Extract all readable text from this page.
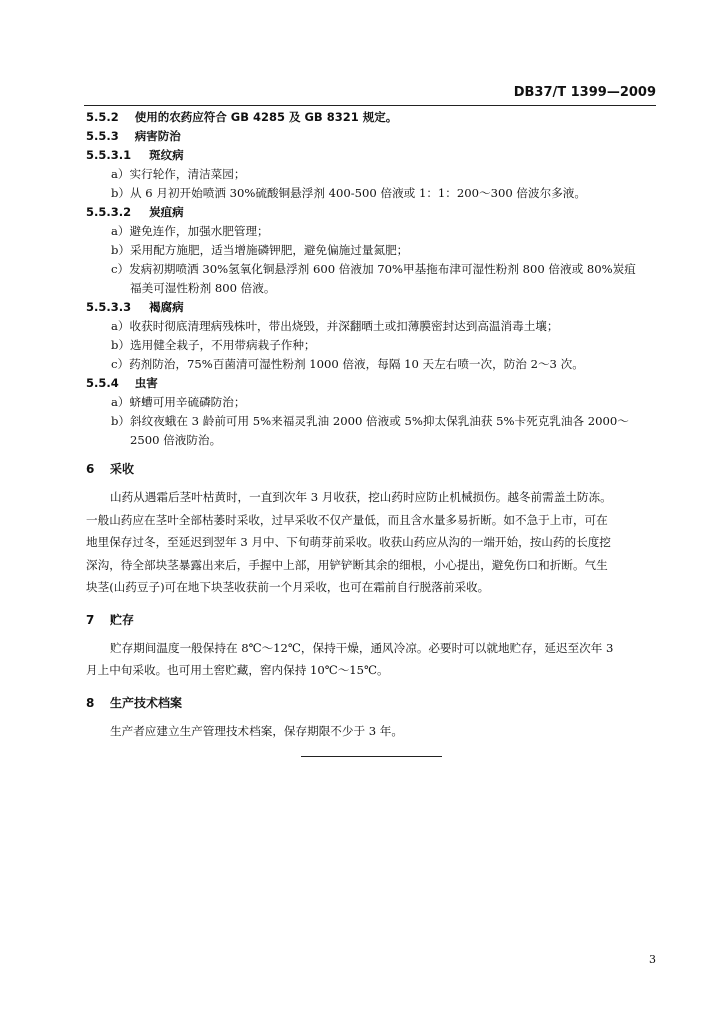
DB37/T 1399—2009
5.5.2 使用的农药应符合 GB 4285 及 GB 8321 规定。
5.5.3 病害防治
5.5.3.1 斑纹病
a）实行轮作，清洁菜园；
b）从 6 月初开始喷洒 30%硫酸铜悬浮剂 400-500 倍液或 1：1：200～300 倍波尔多液。
5.5.3.2 炭疽病
a）避免连作，加强水肥管理；
b）采用配方施肥，适当增施磷钾肥，避免偏施过量氮肥；
c）发病初期喷洒 30%氢氧化铜悬浮剂 600 倍液加 70%甲基拖布津可湿性粉剂 800 倍液或 80%炭疽
福美可湿性粉剂 800 倍液。
5.5.3.3 褐腐病
a）收获时彻底清理病残株叶，带出烧毁，并深翻晒土或扣薄膜密封达到高温消毒土壤；
b）选用健全栽子，不用带病栽子作种；
c）药剂防治，75%百菌清可湿性粉剂 1000 倍液，每隔 10 天左右喷一次，防治 2～3 次。
5.5.4 虫害
a）蛴螬可用辛硫磷防治；
b）斜纹夜蛾在 3 龄前可用 5%来福灵乳油 2000 倍液或 5%抑太保乳油获 5%卡死克乳油各 2000～
2500 倍液防治。
6 采收
山药从遇霜后茎叶枯黄时，一直到次年 3 月收获，挖山药时应防止机械损伤。越冬前需盖土防冻。
一般山药应在茎叶全部枯萎时采收，过早采收不仅产量低，而且含水量多易折断。如不急于上市，可在
地里保存过冬，至延迟到翌年 3 月中、下旬萌芽前采收。收获山药应从沟的一端开始，按山药的长度挖
深沟，待全部块茎暴露出来后，手握中上部，用铲铲断其余的细根，小心提出，避免伤口和折断。气生
块茎(山药豆子)可在地下块茎收获前一个月采收，也可在霜前自行脱落前采收。
7 贮存
贮存期间温度一般保持在 8℃～12℃，保持干燥，通风冷凉。必要时可以就地贮存，延迟至次年 3
月上中旬采收。也可用土窖贮藏，窖内保持 10℃～15℃。
8 生产技术档案
生产者应建立生产管理技术档案，保存期限不少于 3 年。
3
